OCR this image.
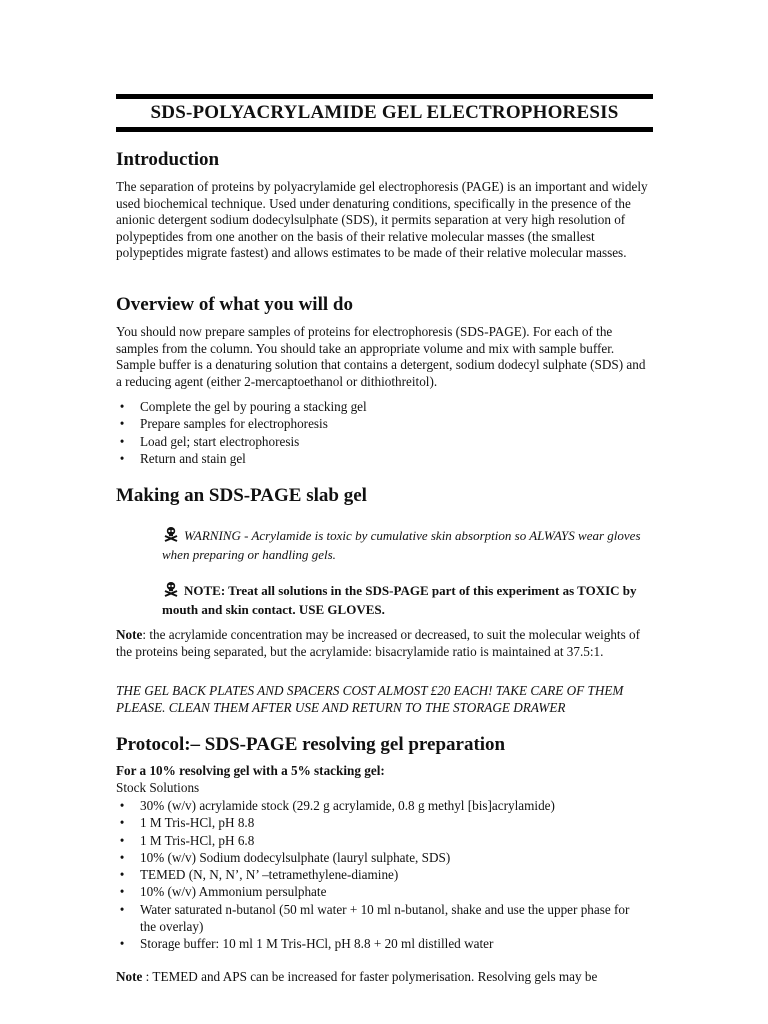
SDS-POLYACRYLAMIDE GEL ELECTROPHORESIS
Introduction

The separation of proteins by polyacrylamide gel electrophoresis (PAGE) is an important and widely used biochemical technique. Used under denaturing conditions, specifically in the presence of the anionic detergent sodium dodecylsulphate (SDS), it permits separation at very high resolution of polypeptides from one another on the basis of their relative molecular masses (the smallest polypeptides migrate fastest) and allows estimates to be made of their relative molecular masses.

Overview of what you will do

You should now prepare samples of proteins for electrophoresis (SDS-PAGE). For each of the samples from the column. You should take an appropriate volume and mix with sample buffer. Sample buffer is a denaturing solution that contains a detergent, sodium dodecyl sulphate (SDS) and a reducing agent (either 2-mercaptoethanol or dithiothreitol).

• Complete the gel by pouring a stacking gel
• Prepare samples for electrophoresis
• Load gel; start electrophoresis
• Return and stain gel
Making an SDS-PAGE slab gel
WARNING - Acrylamide is toxic by cumulative skin absorption so ALWAYS wear gloves when preparing or handling gels.
NOTE: Treat all solutions in the SDS-PAGE part of this experiment as TOXIC by mouth and skin contact. USE GLOVES.

Note: the acrylamide concentration may be increased or decreased, to suit the molecular weights of the proteins being separated, but the acrylamide: bisacrylamide ratio is maintained at 37.5:1.

THE GEL BACK PLATES AND SPACERS COST ALMOST £20 EACH! TAKE CARE OF THEM PLEASE. CLEAN THEM AFTER USE AND RETURN TO THE STORAGE DRAWER

Protocol:– SDS-PAGE resolving gel preparation

For a 10% resolving gel with a 5% stacking gel:

Stock Solutions

• 30% (w/v) acrylamide stock (29.2 g acrylamide, 0.8 g methyl [bis]acrylamide)
• 1 M Tris-HCl, pH 8.8
• 1 M Tris-HCl, pH 6.8
• 10% (w/v) Sodium dodecylsulphate (lauryl sulphate, SDS)
• TEMED (N, N, N’, N’ –tetramethylene-diamine)
• 10% (w/v) Ammonium persulphate
• Water saturated n-butanol (50 ml water + 10 ml n-butanol, shake and use the upper phase for the overlay)
• Storage buffer: 10 ml 1 M Tris-HCl, pH 8.8 + 20 ml distilled water

Note : TEMED and APS can be increased for faster polymerisation. Resolving gels may be
